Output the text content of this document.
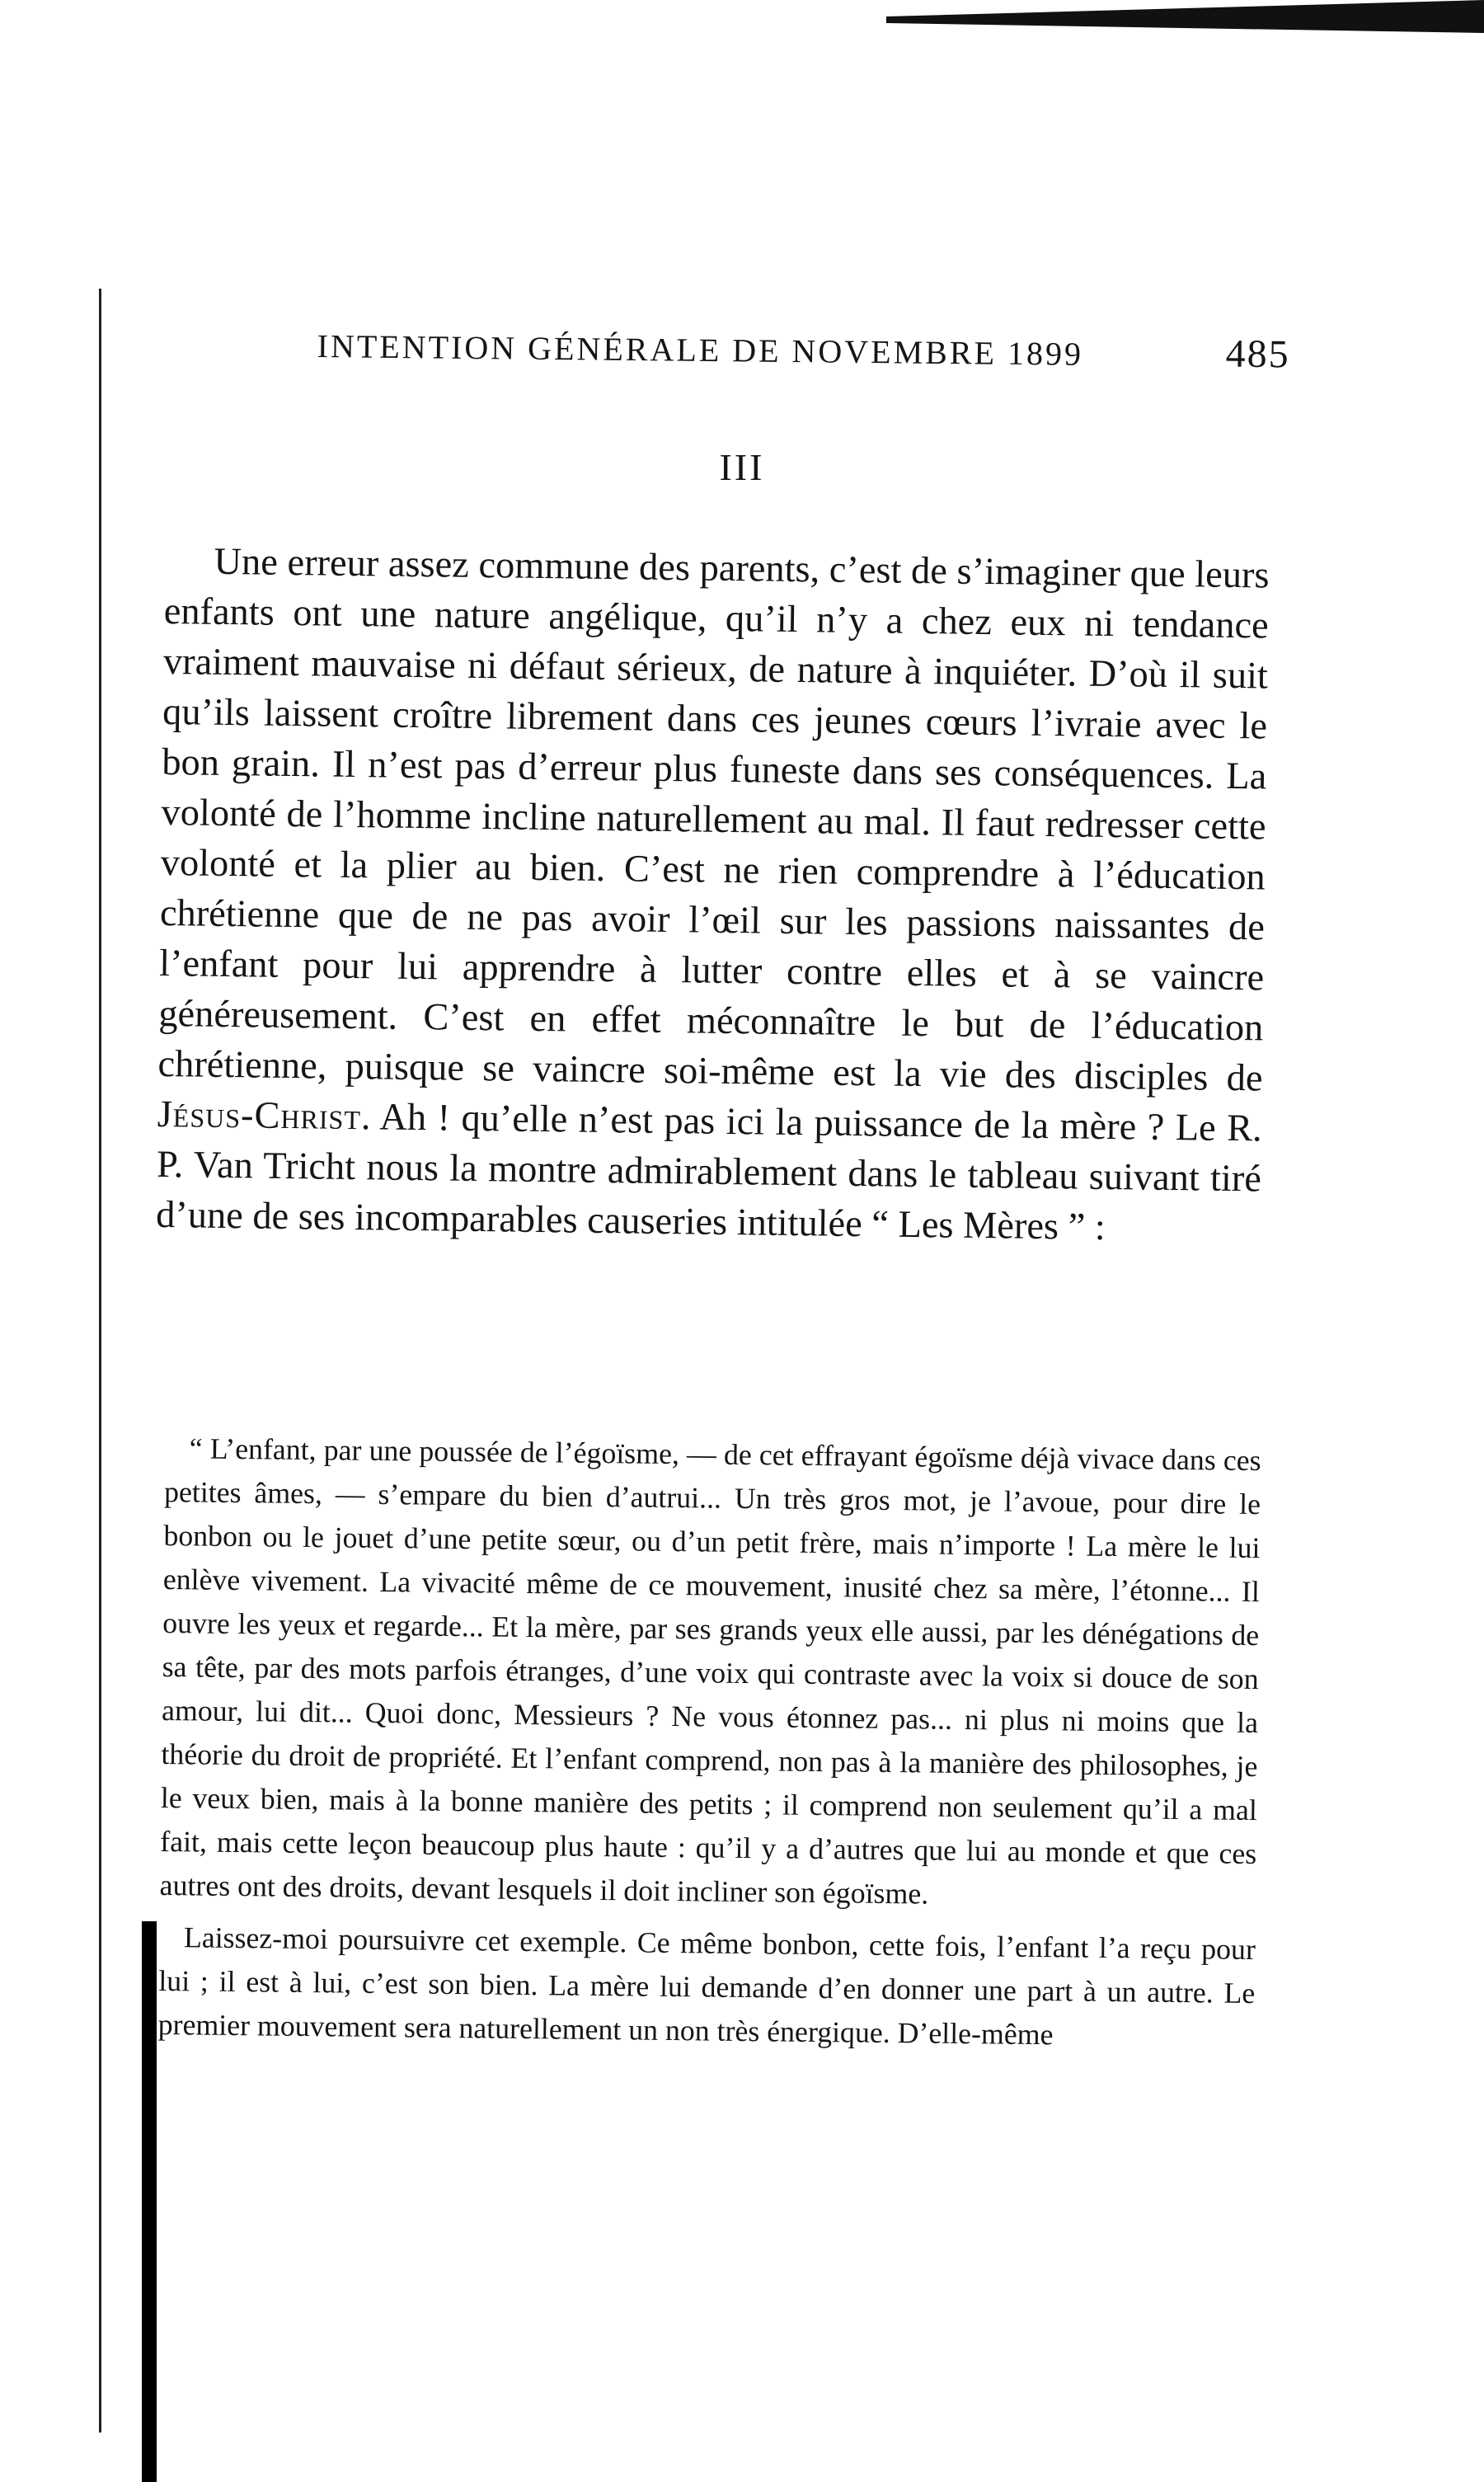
INTENTION GÉNÉRALE DE NOVEMBRE 1899	485
III

Une erreur assez commune des parents, c’est de s’imaginer que leurs enfants ont une nature angélique, qu’il n’y a chez eux ni tendance vraiment mauvaise ni défaut sérieux, de nature à inquiéter. D’où il suit qu’ils laissent croître librement dans ces jeunes cœurs l’ivraie avec le bon grain. Il n’est pas d’erreur plus funeste dans ses conséquences. La volonté de l’homme incline naturellement au mal. Il faut redresser cette volonté et la plier au bien. C’est ne rien comprendre à l’éducation chrétienne que de ne pas avoir l’œil sur les passions naissantes de l’enfant pour lui apprendre à lutter contre elles et à se vaincre généreusement. C’est en effet méconnaître le but de l’éducation chrétienne, puisque se vaincre soi-même est la vie des disciples de Jésus-Christ. Ah ! qu’elle n’est pas ici la puissance de la mère ? Le R. P. Van Tricht nous la montre admirablement dans le tableau suivant tiré d’une de ses incomparables causeries intitulée “ Les Mères ” :

“ L’enfant, par une poussée de l’égoïsme, — de cet effrayant égoïsme déjà vivace dans ces petites âmes, — s’empare du bien d’autrui... Un très gros mot, je l’avoue, pour dire le bonbon ou le jouet d’une petite sœur, ou d’un petit frère, mais n’importe ! La mère le lui enlève vivement. La vivacité même de ce mouvement, inusité chez sa mère, l’étonne... Il ouvre les yeux et regarde... Et la mère, par ses grands yeux elle aussi, par les dénégations de sa tête, par des mots parfois étranges, d’une voix qui contraste avec la voix si douce de son amour, lui dit... Quoi donc, Messieurs ? Ne vous étonnez pas... ni plus ni moins que la théorie du droit de propriété. Et l’enfant comprend, non pas à la manière des philosophes, je le veux bien, mais à la bonne manière des petits ; il comprend non seulement qu’il a mal fait, mais cette leçon beaucoup plus haute : qu’il y a d’autres que lui au monde et que ces autres ont des droits, devant lesquels il doit incliner son égoïsme.

Laissez-moi poursuivre cet exemple. Ce même bonbon, cette fois, l’enfant l’a reçu pour lui ; il est à lui, c’est son bien. La mère lui demande d’en donner une part à un autre. Le premier mouvement sera naturellement un non très énergique. D’elle-même
